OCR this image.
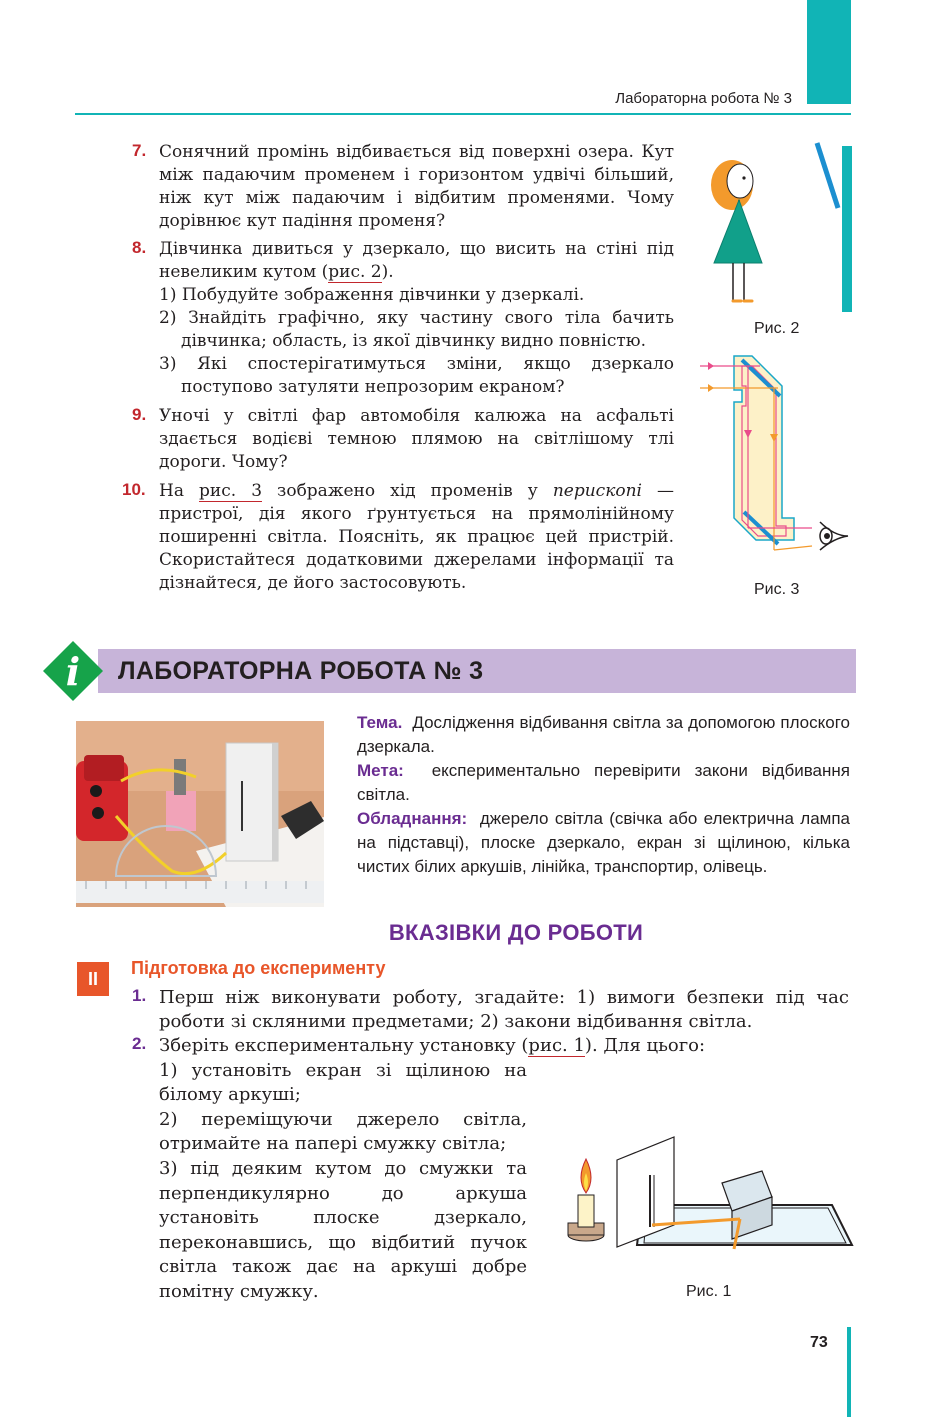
Лабораторна робота № 3
7. Сонячний промінь відбивається від поверхні озера. Кут між падаючим променем і горизонтом удвічі більший, ніж кут між падаючим і відбитим променями. Чому дорівнює кут падіння променя?
8. Дівчинка дивиться у дзеркало, що висить на стіні під невеликим кутом (рис. 2).
1) Побудуйте зображення дівчинки у дзеркалі.
2) Знайдіть графічно, яку частину свого тіла бачить дівчинка; область, із якої дівчинку видно повністю.
3) Які спостерігатимуться зміни, якщо дзеркало поступово затуляти непрозорим екраном?
9. Уночі у світлі фар автомобіля калюжа на асфальті здається водієві темною плямою на світлішому тлі дороги. Чому?
10. На рис. 3 зображено хід променів у перископі — пристрої, дія якого ґрунтується на прямолінійному поширенні світла. Поясніть, як працює цей пристрій. Скористайтеся додатковими джерелами інформації та дізнайтеся, де його застосовують.
Рис. 2
Рис. 3
i ЛАБОРАТОРНА РОБОТА № 3
Тема. Дослідження відбивання світла за допомогою плоского дзеркала.
Мета: експериментально перевірити закони відбивання світла.
Обладнання: джерело світла (свічка або електрична лампа на підставці), плоске дзеркало, екран зі щілиною, кілька чистих білих аркушів, лінійка, транспортир, олівець.
ВКАЗІВКИ ДО РОБОТИ
II
Підготовка до експерименту
1. Перш ніж виконувати роботу, згадайте: 1) вимоги безпеки під час роботи зі скляними предметами; 2) закони відбивання світла.
2. Зберіть експериментальну установку (рис. 1). Для цього:
1) установіть екран зі щілиною на білому аркуші;
2) переміщуючи джерело світла, отримайте на папері смужку світла;
3) під деяким кутом до смужки та перпендикулярно до аркуша установіть плоске дзеркало, переконавшись, що відбитий пучок світла також дає на аркуші добре помітну смужку.	Рис. 1
73
